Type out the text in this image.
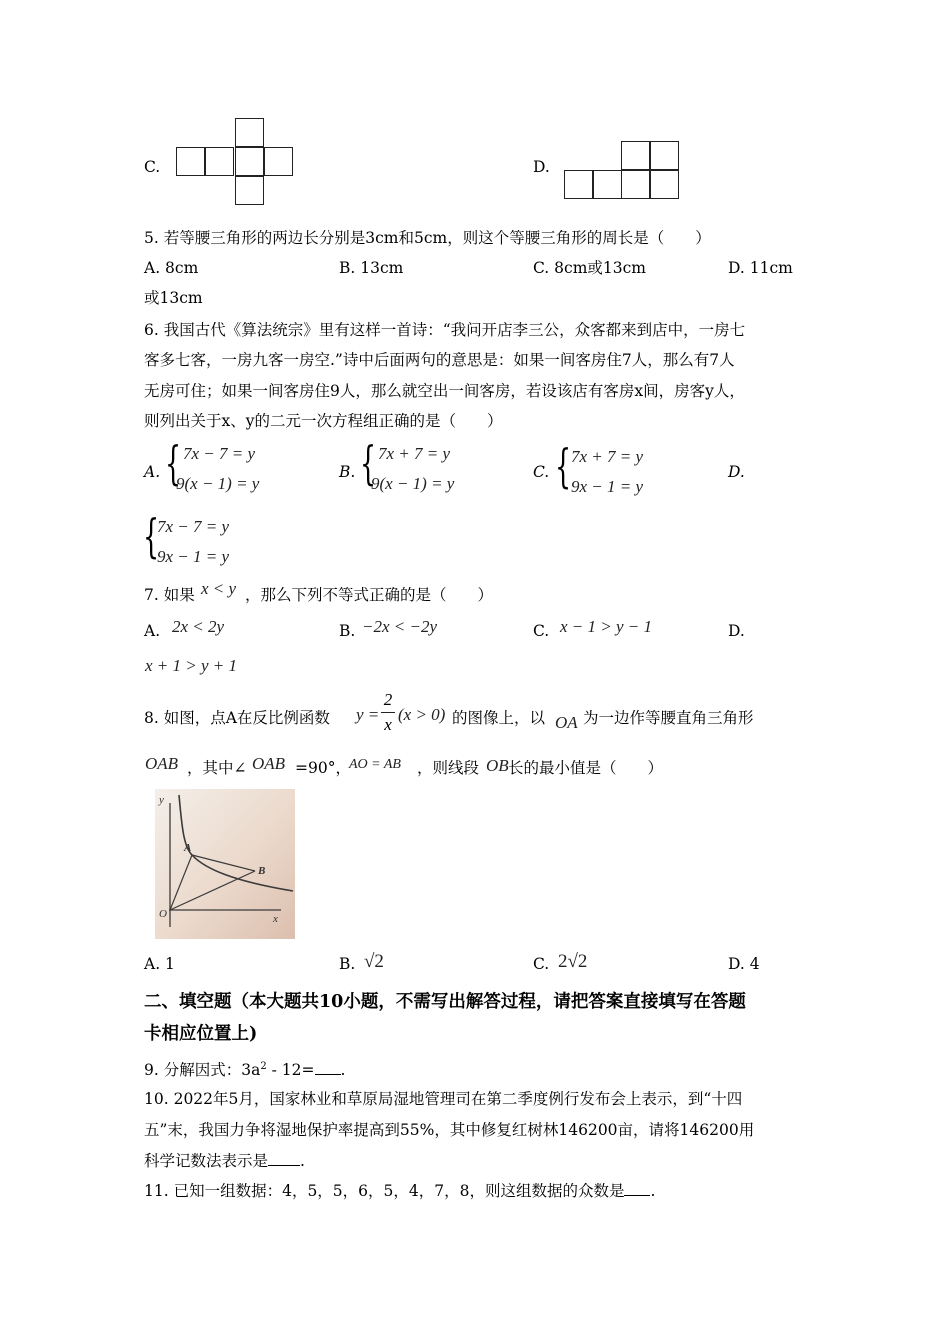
C.	D.
5. 若等腰三角形的两边长分别是3cm和5cm，则这个等腰三角形的周长是（　　）
A. 8cm	B. 13cm	C. 8cm或13cm	D. 11cm
或13cm
6. 我国古代《算法统宗》里有这样一首诗：“我问开店李三公，众客都来到店中，一房七
客多七客，一房九客一房空.”诗中后面两句的意思是：如果一间客房住7人，那么有7人
无房可住；如果一间客房住9人，那么就空出一间客房，若设该店有客房x间，房客y人，
则列出关于x、y的二元一次方程组正确的是（　　）
A. { 7x − 7 = y
9(x − 1) = y
B. { 7x + 7 = y
9(x − 1) = y
C. { 7x + 7 = y
9x − 1 = y
D.
{
7x − 7 = y
9x − 1 = y
7. 如果 x < y ，那么下列不等式正确的是（　　）
A. 2x < 2y	B. −2x < −2y	C. x − 1 > y − 1	D.
x + 1 > y + 1
8. 如图，点A在反比例函数 y =
2
x
(x > 0) 的图像上，以 OA 为一边作等腰直角三角形
OAB ，其中∠ OAB =90°，
AO = AB ，则线段 OB 长的最小值是（　　）
y
x
O
A
B
A. 1	B. √2	C. 2√2	D. 4
二、填空题（本大题共10小题，不需写出解答过程，请把答案直接填写在答题
卡相应位置上)
9. 分解因式：$3a^2 - 12=$ .
10. 2022年5月，国家林业和草原局湿地管理司在第二季度例行发布会上表示，到“十四
五”末，我国力争将湿地保护率提高到55%，其中修复红树林146200亩，请将146200用
科学记数法表示是 .
11. 已知一组数据：4，5，5，6，5，4，7，8，则这组数据的众数是 .
